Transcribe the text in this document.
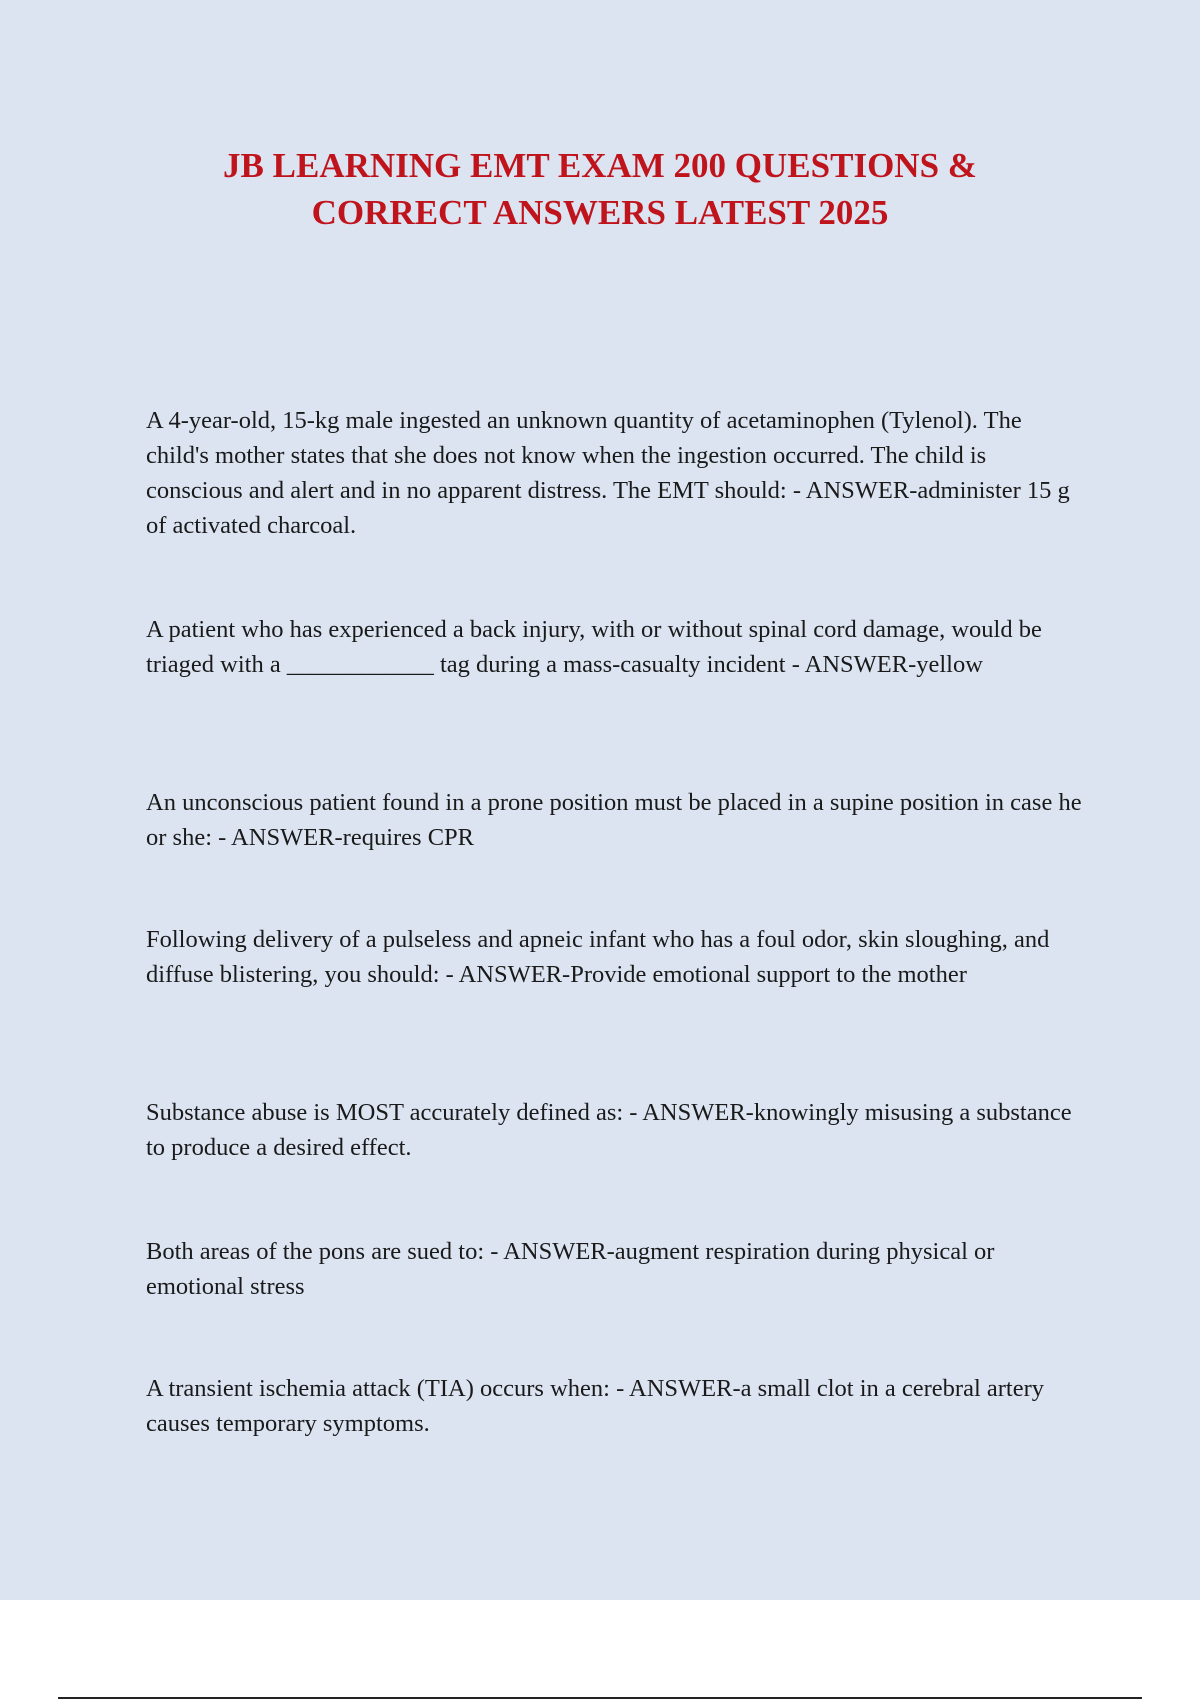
JB LEARNING EMT EXAM 200 QUESTIONS &
CORRECT ANSWERS LATEST 2025

A 4-year-old, 15-kg male ingested an unknown quantity of acetaminophen (Tylenol). The child's mother states that she does not know when the ingestion occurred. The child is conscious and alert and in no apparent distress. The EMT should: - ANSWER-administer 15 g of activated charcoal.

A patient who has experienced a back injury, with or without spinal cord damage, would be triaged with a ____________ tag during a mass-casualty incident - ANSWER-yellow

An unconscious patient found in a prone position must be placed in a supine position in case he or she: - ANSWER-requires CPR

Following delivery of a pulseless and apneic infant who has a foul odor, skin sloughing, and diffuse blistering, you should: - ANSWER-Provide emotional support to the mother

Substance abuse is MOST accurately defined as: - ANSWER-knowingly misusing a substance to produce a desired effect.

Both areas of the pons are sued to: - ANSWER-augment respiration during physical or emotional stress

A transient ischemia attack (TIA) occurs when: - ANSWER-a small clot in a cerebral artery causes temporary symptoms.
